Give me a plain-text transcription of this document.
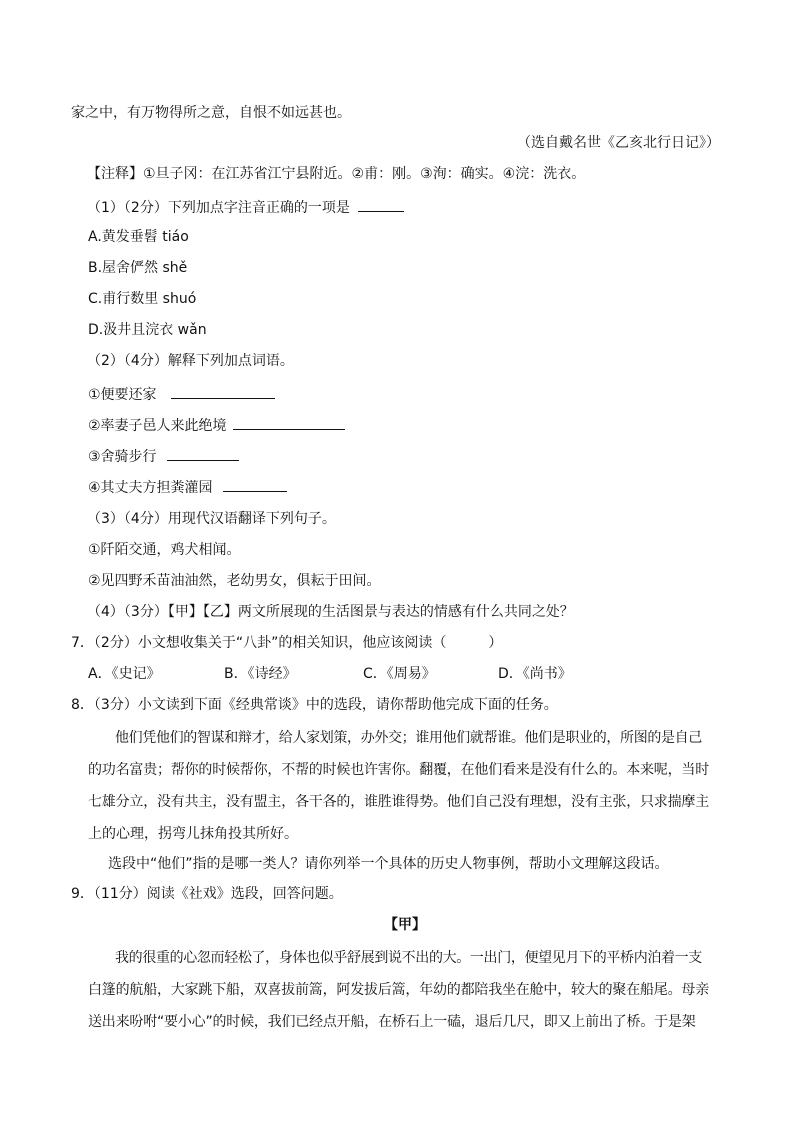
家之中，有万物得所之意，自恨不如远甚也。
（选自戴名世《乙亥北行日记》）
【注释】①旦子冈：在江苏省江宁县附近。②甫：刚。③洵：确实。④浣：洗衣。
（1）（2分）下列加点字注音正确的一项是
A.黄发垂髫 tiáo
B.屋舍俨然 shě
C.甫行数里 shuó
D.汲井且浣衣 wǎn
（2）（4分）解释下列加点词语。
①便要还家
②率妻子邑人来此绝境
③舍骑步行
④其丈夫方担粪灌园
（3）（4分）用现代汉语翻译下列句子。
①阡陌交通，鸡犬相闻。
②见四野禾苗油油然，老幼男女，俱耘于田间。
（4）（3分）【甲】【乙】两文所展现的生活图景与表达的情感有什么共同之处？
7．（2分）小文想收集关于“八卦”的相关知识，他应该阅读（	）
A．《史记》	B．《诗经》	C．《周易》	D．《尚书》
8．（3分）小文读到下面《经典常谈》中的选段，请你帮助他完成下面的任务。
他们凭他们的智谋和辩才，给人家划策，办外交；谁用他们就帮谁。他们是职业的，所图的是自己
的功名富贵；帮你的时候帮你，不帮的时候也许害你。翻覆，在他们看来是没有什么的。本来呢，当时
七雄分立，没有共主，没有盟主，各干各的，谁胜谁得势。他们自己没有理想，没有主张，只求揣摩主
上的心理，拐弯儿抹角投其所好。
选段中“他们”指的是哪一类人？请你列举一个具体的历史人物事例，帮助小文理解这段话。
9．（11分）阅读《社戏》选段，回答问题。
【甲】
我的很重的心忽而轻松了，身体也似乎舒展到说不出的大。一出门，便望见月下的平桥内泊着一支
白篷的航船，大家跳下船，双喜拔前篙，阿发拔后篙，年幼的都陪我坐在舱中，较大的聚在船尾。母亲
送出来吩咐“要小心”的时候，我们已经点开船，在桥石上一磕，退后几尺，即又上前出了桥。于是架
